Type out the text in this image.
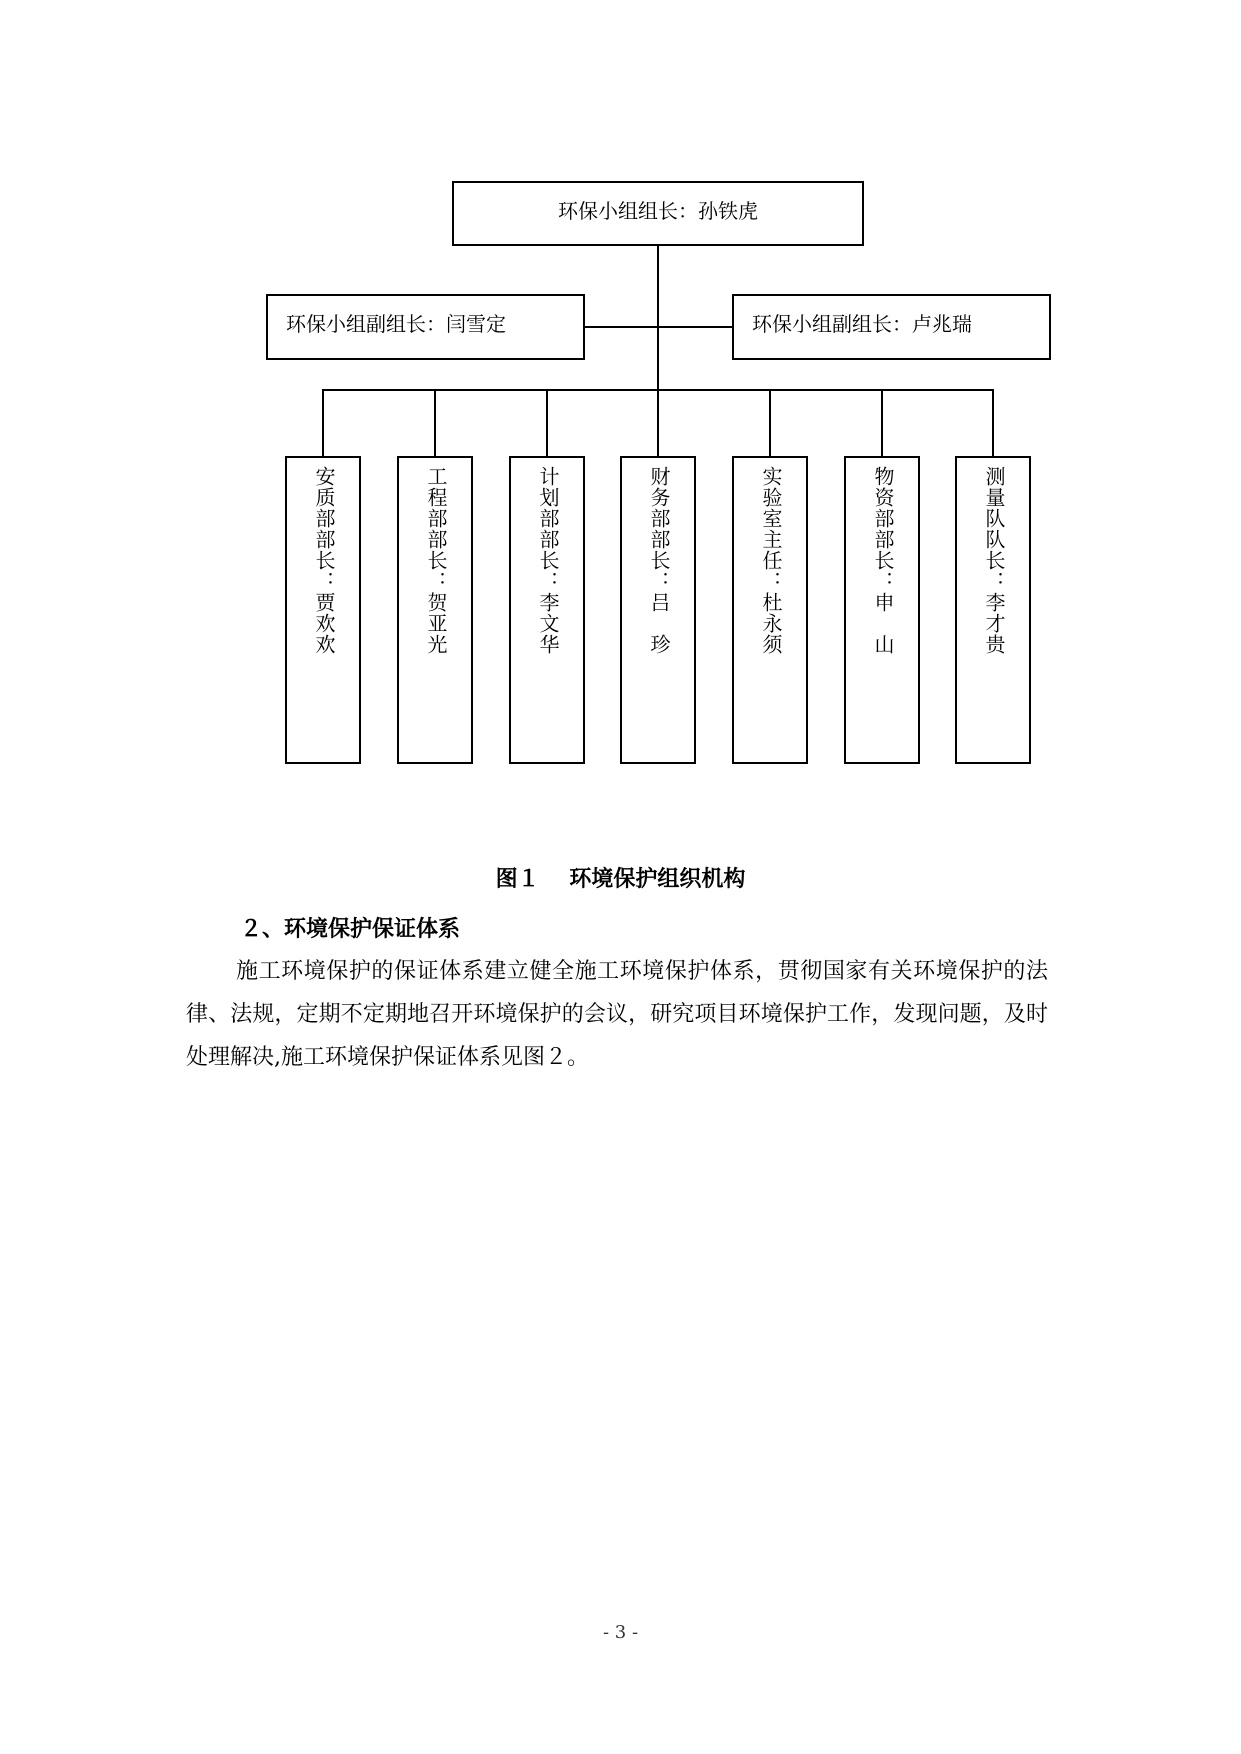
环保小组组长：孙铁虎
环保小组副组长：闫雪定	环保小组副组长：卢兆瑞
安质部部长：贾欢欢	工程部部长：贺亚光	计划部部长：李文华	财务部部长：吕　珍	实验室主任：杜永须	物资部部长：申　山	测量队队长：李才贵
图１　 环境保护组织机构
２、环境保护保证体系
施工环境保护的保证体系建立健全施工环境保护体系，贯彻国家有关环境保护的法律、法规，定期不定期地召开环境保护的会议，研究项目环境保护工作，发现问题，及时处理解决,施工环境保护保证体系见图２。
- 3 -
